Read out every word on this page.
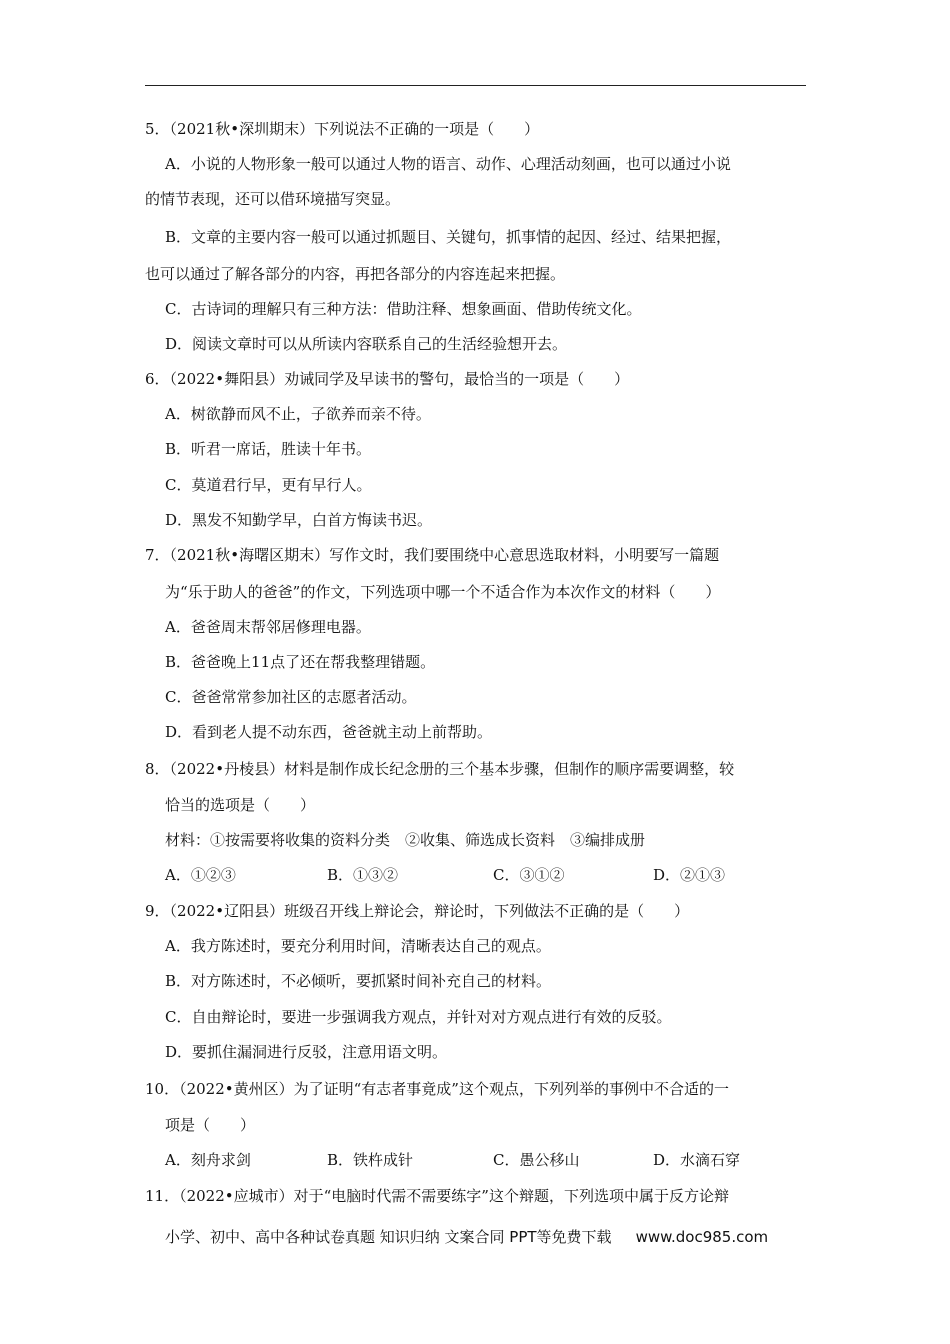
5．（2021秋•深圳期末）下列说法不正确的一项是（　　）
A．小说的人物形象一般可以通过人物的语言、动作、心理活动刻画，也可以通过小说
的情节表现，还可以借环境描写突显。
B．文章的主要内容一般可以通过抓题目、关键句，抓事情的起因、经过、结果把握，
也可以通过了解各部分的内容，再把各部分的内容连起来把握。
C．古诗词的理解只有三种方法：借助注释、想象画面、借助传统文化。
D．阅读文章时可以从所读内容联系自己的生活经验想开去。
6．（2022•舞阳县）劝诫同学及早读书的警句，最恰当的一项是（　　）
A．树欲静而风不止，子欲养而亲不待。
B．听君一席话，胜读十年书。
C．莫道君行早，更有早行人。
D．黑发不知勤学早，白首方悔读书迟。
7．（2021秋•海曙区期末）写作文时，我们要围绕中心意思选取材料，小明要写一篇题
为“乐于助人的爸爸”的作文，下列选项中哪一个不适合作为本次作文的材料（　　）
A．爸爸周末帮邻居修理电器。
B．爸爸晚上11点了还在帮我整理错题。
C．爸爸常常参加社区的志愿者活动。
D．看到老人提不动东西，爸爸就主动上前帮助。
8．（2022•丹棱县）材料是制作成长纪念册的三个基本步骤，但制作的顺序需要调整，较
恰当的选项是（　　）
材料：①按需要将收集的资料分类　②收集、筛选成长资料　③编排成册
A．①②③	B．①③②	C．③①②	D．②①③
9．（2022•辽阳县）班级召开线上辩论会，辩论时，下列做法不正确的是（　　）
A．我方陈述时，要充分利用时间，清晰表达自己的观点。
B．对方陈述时，不必倾听，要抓紧时间补充自己的材料。
C．自由辩论时，要进一步强调我方观点，并针对对方观点进行有效的反驳。
D．要抓住漏洞进行反驳，注意用语文明。
10．（2022•黄州区）为了证明“有志者事竟成”这个观点，下列列举的事例中不合适的一
项是（　　）
A．刻舟求剑	B．铁杵成针	C．愚公移山	D．水滴石穿
11．（2022•应城市）对于“电脑时代需不需要练字”这个辩题，下列选项中属于反方论辩
小学、初中、高中各种试卷真题 知识归纳 文案合同 PPT等免费下载 www.doc985.com
